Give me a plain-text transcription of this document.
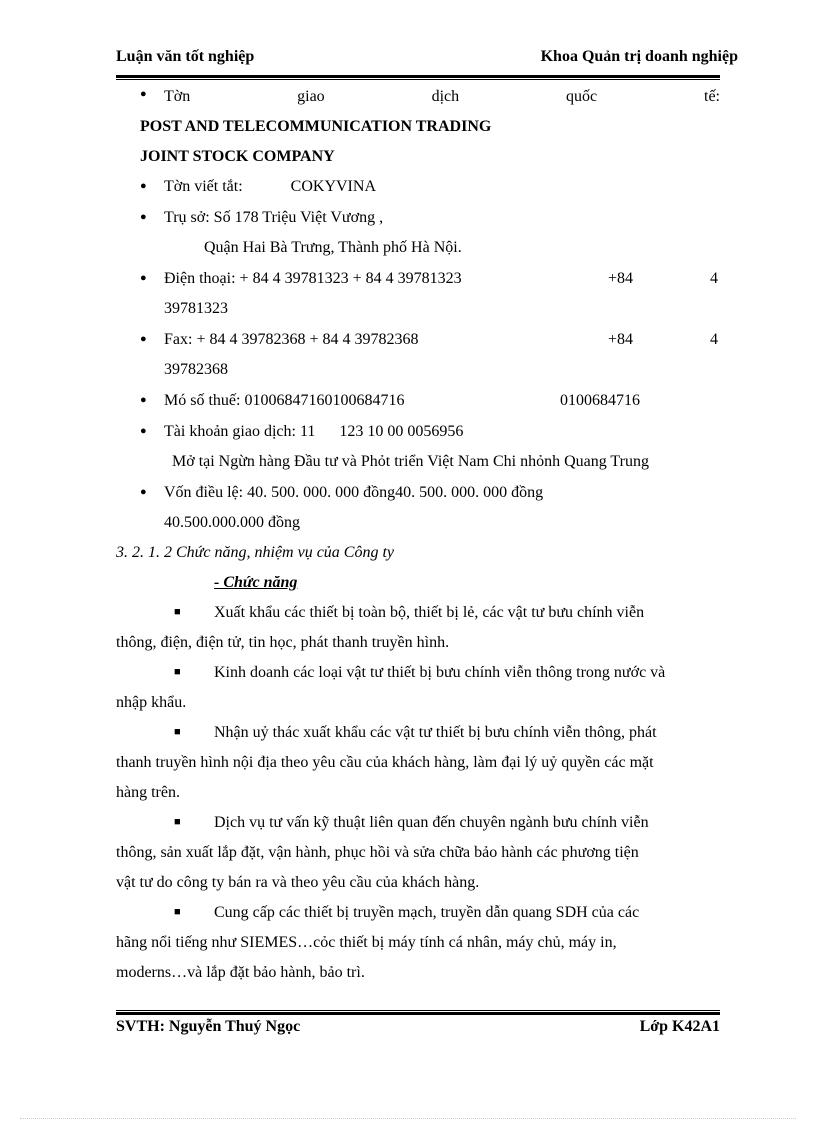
Luận văn tốt nghiệp	Khoa Quản trị doanh nghiệp
● Tờn	giao	dịch	quốc	tế:
POST AND TELECOMMUNICATION TRADING
JOINT STOCK COMPANY
● Tờn viết tắt:            COKYVINA
● Trụ sở: Số 178 Triệu Việt Vương ,
Quận Hai Bà Trưng, Thành phố Hà Nội.
● Điện thoại: + 84 4 39781323 + 84 4 39781323	+84	4
39781323
● Fax: + 84 4 39782368 + 84 4 39782368	+84	4
39782368
● Mó số thuế: 01006847160100684716	0100684716
● Tài khoản giao dịch: 11      123 10 00 0056956
Mở tại Ngừn hàng Đầu tư và Phỏt triển Việt Nam Chi nhỏnh Quang Trung
● Vốn điều lệ: 40. 500. 000. 000 đồng40. 500. 000. 000 đồng
40.500.000.000 đồng
3. 2. 1. 2 Chức năng, nhiệm vụ của Công ty
- Chức năng
■ Xuất khẩu các thiết bị toàn bộ, thiết bị lẻ, các vật tư bưu chính viễn
thông, điện, điện tử, tin học, phát thanh truyền hình.
■ Kinh doanh các loại vật tư thiết bị bưu chính viễn thông trong nước và
nhập khẩu.
■ Nhận uỷ thác xuất khẩu các vật tư thiết bị bưu chính viễn thông, phát
thanh truyền hình nội địa theo yêu cầu của khách hàng, làm đại lý uỷ quyền các mặt
hàng trên.
■ Dịch vụ tư vấn kỹ thuật liên quan đến chuyên ngành bưu chính viễn
thông, sản xuất lắp đặt, vận hành, phục hồi và sửa chữa bảo hành các phương tiện
vật tư do công ty bán ra và theo yêu cầu của khách hàng.
■ Cung cấp các thiết bị truyền mạch, truyền dẫn quang SDH của các
hãng nổi tiếng như SIEMES…cỏc thiết bị máy tính cá nhân, máy chủ, máy in,
moderns…và lắp đặt bảo hành, bảo trì.
SVTH: Nguyễn Thuý Ngọc	Lớp K42A1
